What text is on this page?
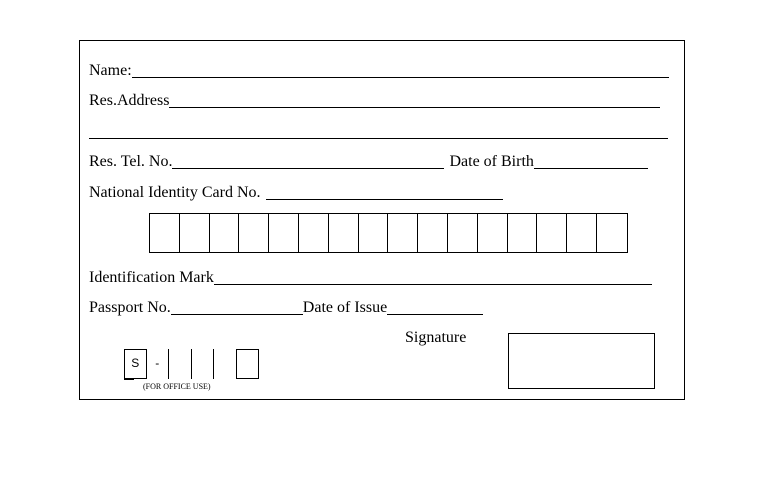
Name:
Res.Address
Res. Tel. No.	Date of Birth
National Identity Card No.
Identification Mark
Passport No.	Date of Issue
Signature
S	-
(FOR OFFICE USE)
